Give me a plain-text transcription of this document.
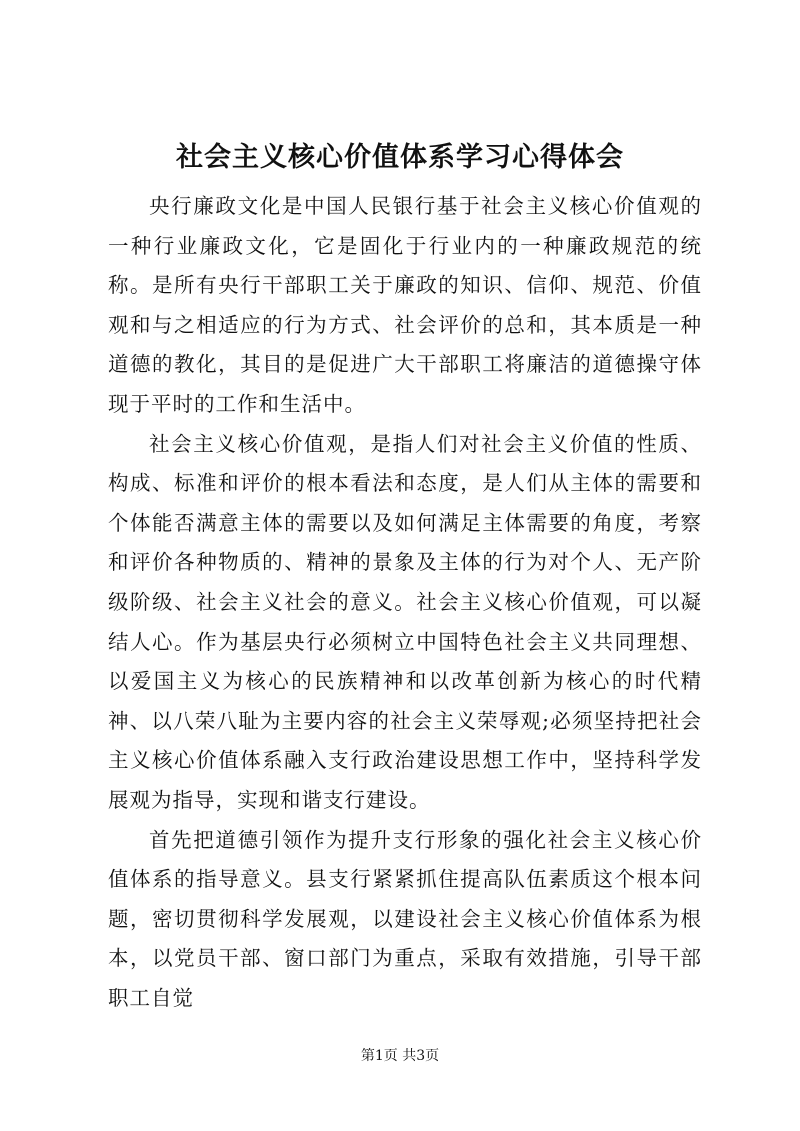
社会主义核心价值体系学习心得体会

央行廉政文化是中国人民银行基于社会主义核心价值观的一种行业廉政文化，它是固化于行业内的一种廉政规范的统称。是所有央行干部职工关于廉政的知识、信仰、规范、价值观和与之相适应的行为方式、社会评价的总和，其本质是一种道德的教化，其目的是促进广大干部职工将廉洁的道德操守体现于平时的工作和生活中。

社会主义核心价值观，是指人们对社会主义价值的性质、构成、标准和评价的根本看法和态度，是人们从主体的需要和个体能否满意主体的需要以及如何满足主体需要的角度，考察和评价各种物质的、精神的景象及主体的行为对个人、无产阶级阶级、社会主义社会的意义。社会主义核心价值观，可以凝结人心。作为基层央行必须树立中国特色社会主义共同理想、以爱国主义为核心的民族精神和以改革创新为核心的时代精神、以八荣八耻为主要内容的社会主义荣辱观;必须坚持把社会主义核心价值体系融入支行政治建设思想工作中，坚持科学发展观为指导，实现和谐支行建设。

首先把道德引领作为提升支行形象的强化社会主义核心价值体系的指导意义。县支行紧紧抓住提高队伍素质这个根本问题，密切贯彻科学发展观，以建设社会主义核心价值体系为根本，以党员干部、窗口部门为重点，采取有效措施，引导干部职工自觉

第1页 共3页
